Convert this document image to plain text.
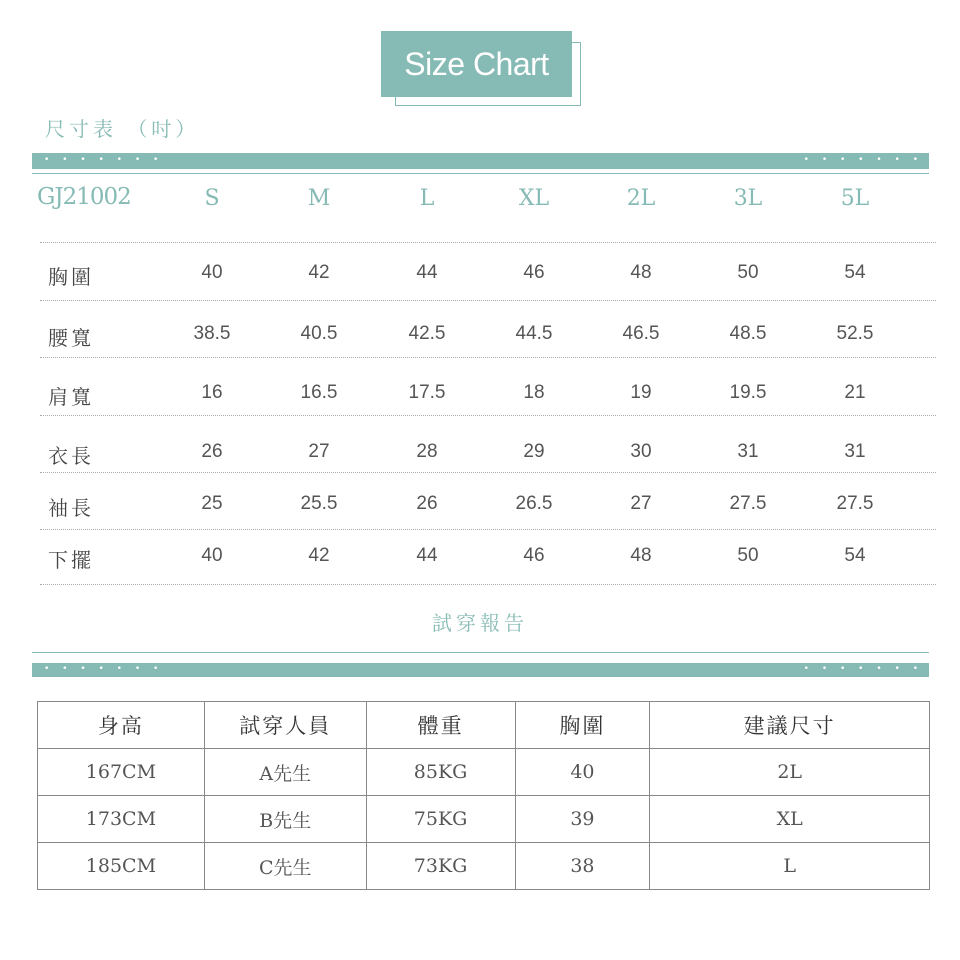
Size Chart
尺寸表 （吋）
• • • • • • •	• • • • • • •
GJ21002	S	M	L	XL	2L	3L	5L
胸圍	40	42	44	46	48	50	54
腰寬	38.5	40.5	42.5	44.5	46.5	48.5	52.5
肩寬	16	16.5	17.5	18	19	19.5	21
衣長	26	27	28	29	30	31	31
袖長	25	25.5	26	26.5	27	27.5	27.5
下擺	40	42	44	46	48	50	54
試穿報告
• • • • • • •	• • • • • • •
身高	試穿人員	體重	胸圍	建議尺寸
167CM	A先生	85KG	40	2L
173CM	B先生	75KG	39	XL
185CM	C先生	73KG	38	L
